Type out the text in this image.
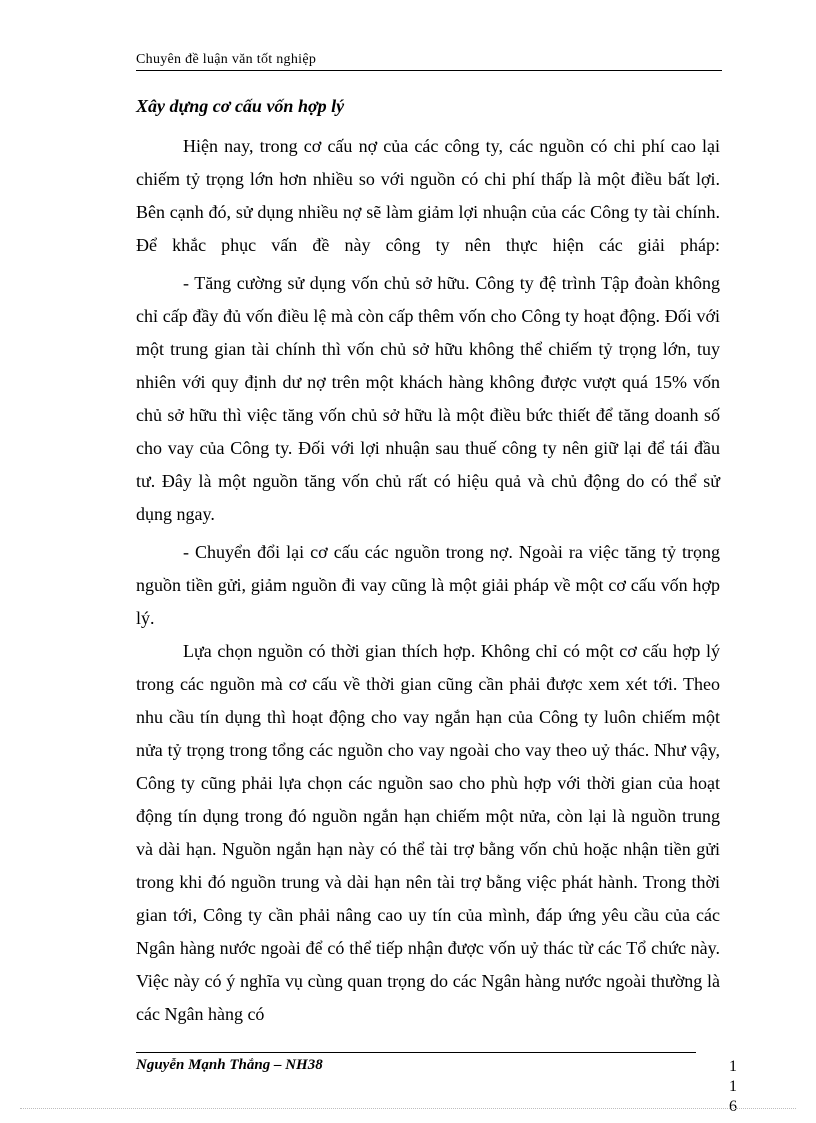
Chuyên đề luận văn tốt nghiệp
Xây dựng cơ cấu vốn hợp lý

Hiện nay, trong cơ cấu nợ của các công ty, các nguồn có chi phí cao lại chiếm tỷ trọng lớn hơn nhiều so với nguồn có chi phí thấp là một điều bất lợi. Bên cạnh đó, sử dụng nhiều nợ sẽ làm giảm lợi nhuận của các Công ty tài chính. Để khắc phục vấn đề này công ty nên thực hiện các giải pháp:

- Tăng cường sử dụng vốn chủ sở hữu. Công ty đệ trình Tập đoàn không chỉ cấp đầy đủ vốn điều lệ mà còn cấp thêm vốn cho Công ty hoạt động. Đối với một trung gian tài chính thì vốn chủ sở hữu không thể chiếm tỷ trọng lớn, tuy nhiên với quy định dư nợ trên một khách hàng không được vượt quá 15% vốn chủ sở hữu thì việc tăng vốn chủ sở hữu là một điều bức thiết để tăng doanh số cho vay của Công ty. Đối với lợi nhuận sau thuế công ty nên giữ lại để tái đầu tư. Đây là một nguồn tăng vốn chủ rất có hiệu quả và chủ động do có thể sử dụng ngay.

- Chuyển đổi lại cơ cấu các nguồn trong nợ. Ngoài ra việc tăng tỷ trọng nguồn tiền gửi, giảm nguồn đi vay cũng là một giải pháp về một cơ cấu vốn hợp lý.

Lựa chọn nguồn có thời gian thích hợp. Không chỉ có một cơ cấu hợp lý trong các nguồn mà cơ cấu về thời gian cũng cần phải được xem xét tới. Theo nhu cầu tín dụng thì hoạt động cho vay ngắn hạn của Công ty luôn chiếm một nửa tỷ trọng trong tổng các nguồn cho vay ngoài cho vay theo uỷ thác. Như vậy, Công ty cũng phải lựa chọn các nguồn sao cho phù hợp với thời gian của hoạt động tín dụng trong đó nguồn ngắn hạn chiếm một nửa, còn lại là nguồn trung và dài hạn. Nguồn ngắn hạn này có thể tài trợ bằng vốn chủ hoặc nhận tiền gửi trong khi đó nguồn trung và dài hạn nên tài trợ bằng việc phát hành. Trong thời gian tới, Công ty cần phải nâng cao uy tín của mình, đáp ứng yêu cầu của các Ngân hàng nước ngoài để có thể tiếp nhận được vốn uỷ thác từ các Tổ chức này. Việc này có ý nghĩa vụ cùng quan trọng do các Ngân hàng nước ngoài thường là các Ngân hàng có

Nguyễn Mạnh Thắng – NH38	1
1
6
